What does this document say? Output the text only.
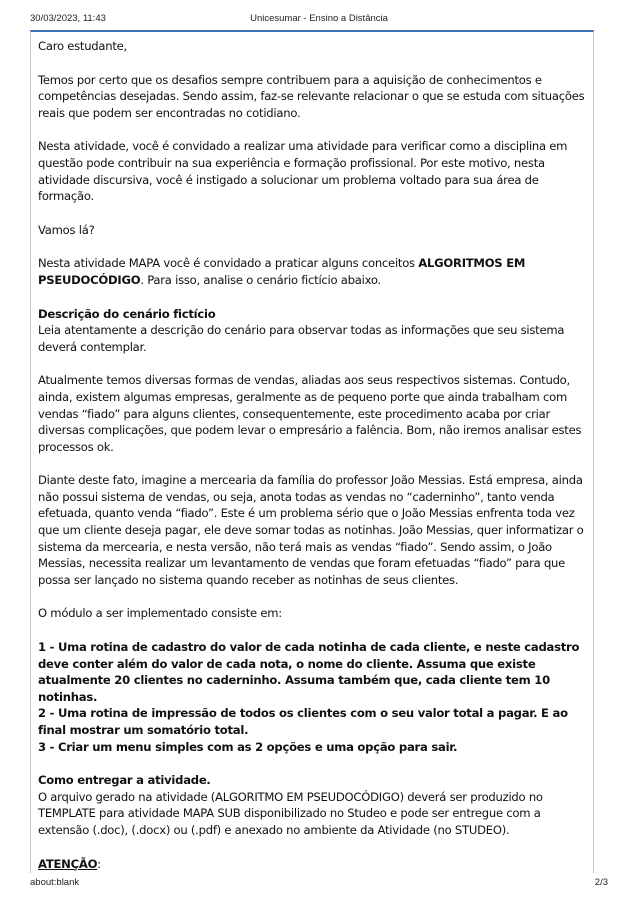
30/03/2023, 11:43	Unicesumar - Ensino a Distância

Caro estudante,

Temos por certo que os desafios sempre contribuem para a aquisição de conhecimentos e competências desejadas. Sendo assim, faz-se relevante relacionar o que se estuda com situações reais que podem ser encontradas no cotidiano.

Nesta atividade, você é convidado a realizar uma atividade para verificar como a disciplina em questão pode contribuir na sua experiência e formação profissional. Por este motivo, nesta atividade discursiva, você é instigado a solucionar um problema voltado para sua área de formação.

Vamos lá?

Nesta atividade MAPA você é convidado a praticar alguns conceitos ALGORITMOS EM PSEUDOCÓDIGO. Para isso, analise o cenário fictício abaixo.

Descrição do cenário fictício
Leia atentamente a descrição do cenário para observar todas as informações que seu sistema deverá contemplar.

Atualmente temos diversas formas de vendas, aliadas aos seus respectivos sistemas. Contudo, ainda, existem algumas empresas, geralmente as de pequeno porte que ainda trabalham com vendas “fiado” para alguns clientes, consequentemente, este procedimento acaba por criar diversas complicações, que podem levar o empresário a falência. Bom, não iremos analisar estes processos ok.

Diante deste fato, imagine a mercearia da família do professor João Messias. Está empresa, ainda não possui sistema de vendas, ou seja, anota todas as vendas no “caderninho”, tanto venda efetuada, quanto venda “fiado”. Este é um problema sério que o João Messias enfrenta toda vez que um cliente deseja pagar, ele deve somar todas as notinhas. João Messias, quer informatizar o sistema da mercearia, e nesta versão, não terá mais as vendas “fiado”. Sendo assim, o João Messias, necessita realizar um levantamento de vendas que foram efetuadas “fiado” para que possa ser lançado no sistema quando receber as notinhas de seus clientes.

O módulo a ser implementado consiste em:

1 - Uma rotina de cadastro do valor de cada notinha de cada cliente, e neste cadastro deve conter além do valor de cada nota, o nome do cliente. Assuma que existe atualmente 20 clientes no caderninho. Assuma também que, cada cliente tem 10 notinhas.
2 - Uma rotina de impressão de todos os clientes com o seu valor total a pagar. E ao final mostrar um somatório total.
3 - Criar um menu simples com as 2 opções e uma opção para sair.

Como entregar a atividade.
O arquivo gerado na atividade (ALGORITMO EM PSEUDOCÓDIGO) deverá ser produzido no TEMPLATE para atividade MAPA SUB disponibilizado no Studeo e pode ser entregue com a extensão (.doc), (.docx) ou (.pdf) e anexado no ambiente da Atividade (no STUDEO).

ATENÇÃO:

about:blank	2/3
